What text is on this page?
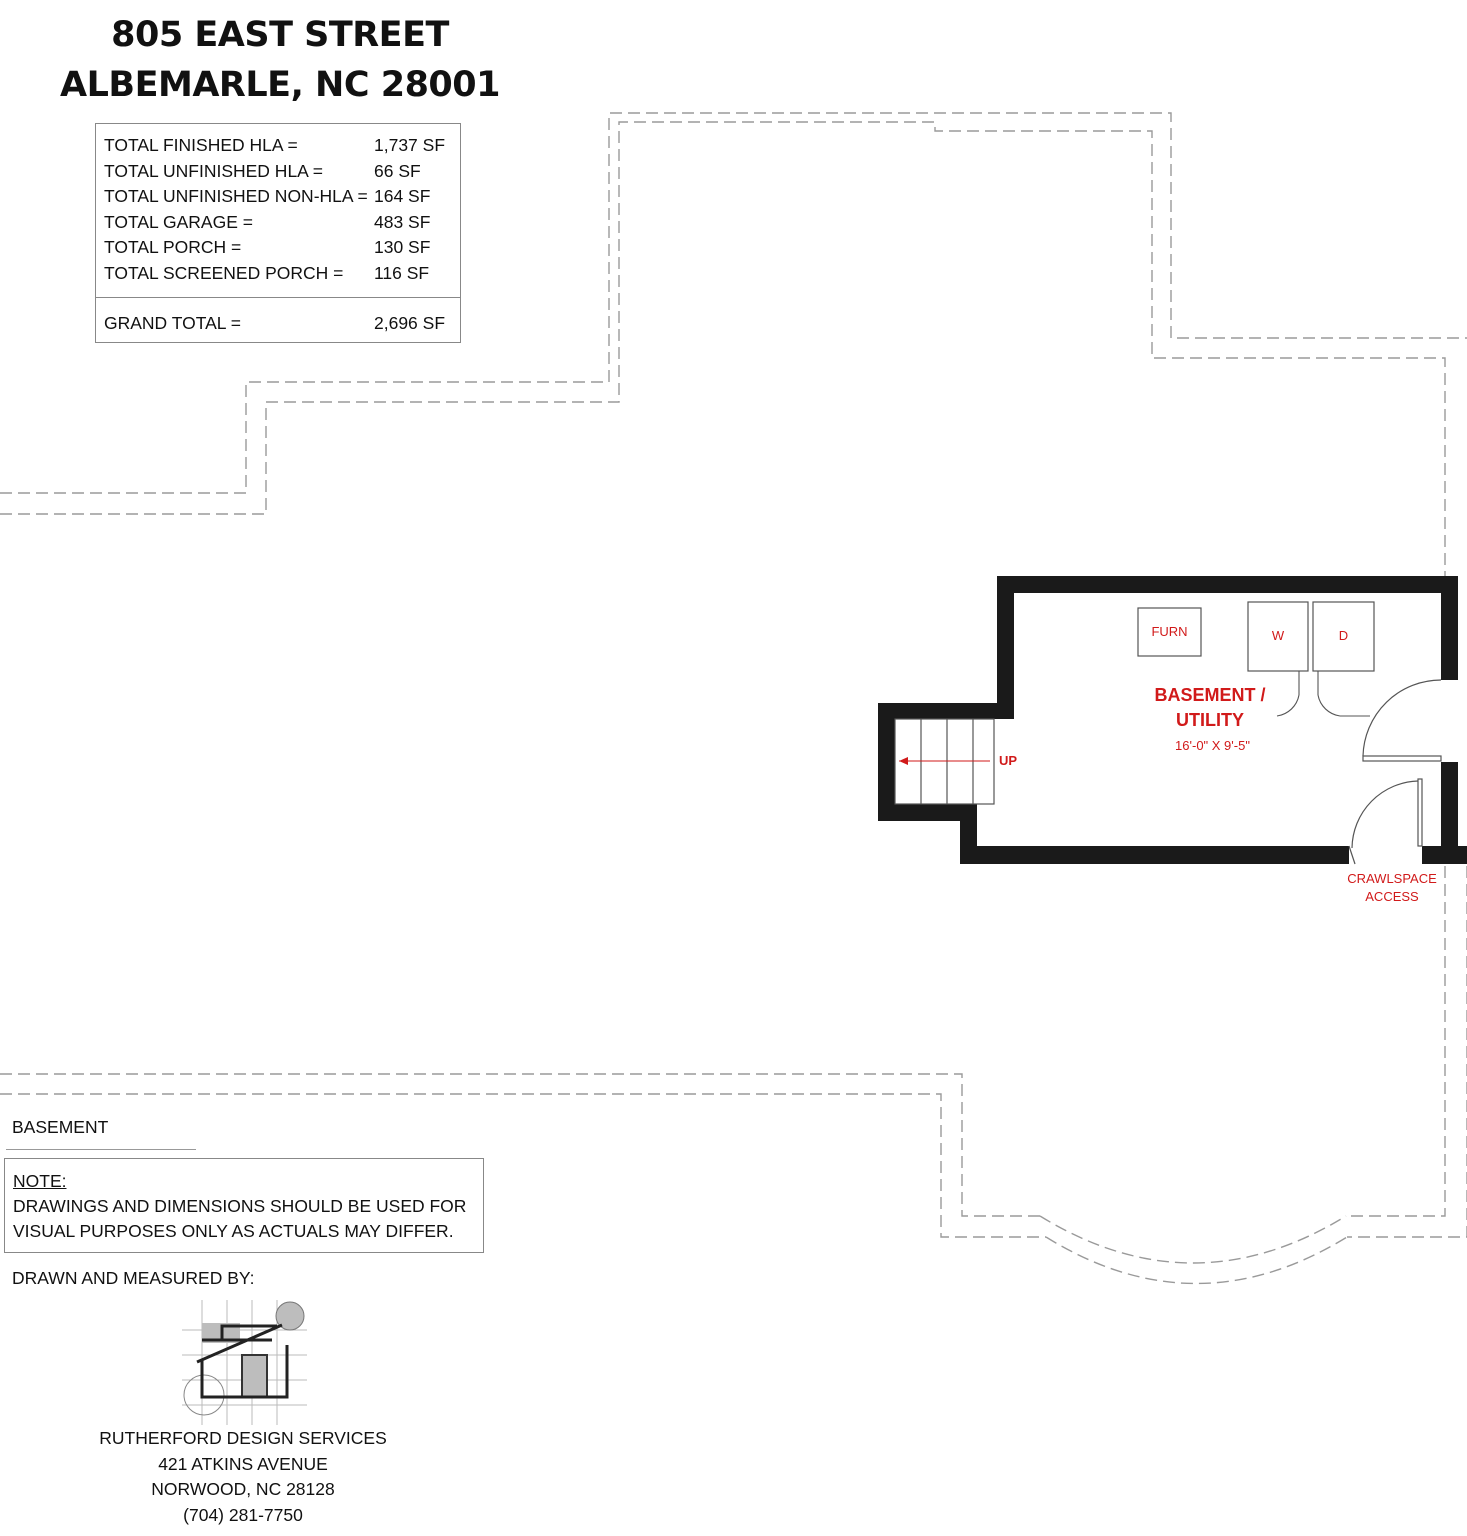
805 EAST STREET
ALBEMARLE, NC 28001
TOTAL FINISHED HLA =	1,737 SF
TOTAL UNFINISHED HLA =	66 SF
TOTAL UNFINISHED NON-HLA = 164 SF
TOTAL GARAGE =	483 SF
TOTAL PORCH =	130 SF
TOTAL SCREENED PORCH = 116 SF
GRAND TOTAL =	2,696 SF
FURN	W	D
BASEMENT /
UTILITY
16'-0" X 9'-5"
UP
CRAWLSPACE
ACCESS
BASEMENT
NOTE:
DRAWINGS AND DIMENSIONS SHOULD BE USED FOR VISUAL PURPOSES ONLY AS ACTUALS MAY DIFFER.
DRAWN AND MEASURED BY:
RUTHERFORD DESIGN SERVICES
421 ATKINS AVENUE
NORWOOD, NC 28128
(704) 281-7750
